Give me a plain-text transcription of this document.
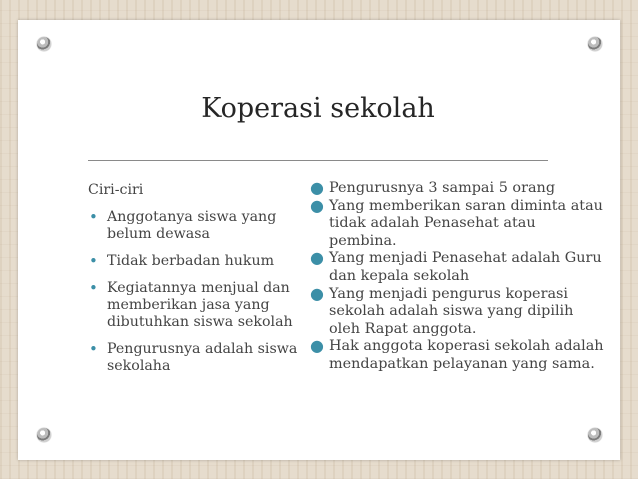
Koperasi sekolah

Ciri-ciri

• Anggotanya siswa yang belum dewasa
• Tidak berbadan hukum
• Kegiatannya menjual dan memberikan jasa yang dibutuhkan siswa sekolah
• Pengurusnya adalah siswa sekolaha
● Pengurusnya 3 sampai 5 orang
● Yang memberikan saran diminta atau tidak adalah Penasehat atau pembina.
● Yang menjadi Penasehat adalah Guru dan kepala sekolah
● Yang menjadi pengurus koperasi sekolah adalah siswa yang dipilih oleh Rapat anggota.
● Hak anggota koperasi sekolah adalah mendapatkan pelayanan yang sama.
